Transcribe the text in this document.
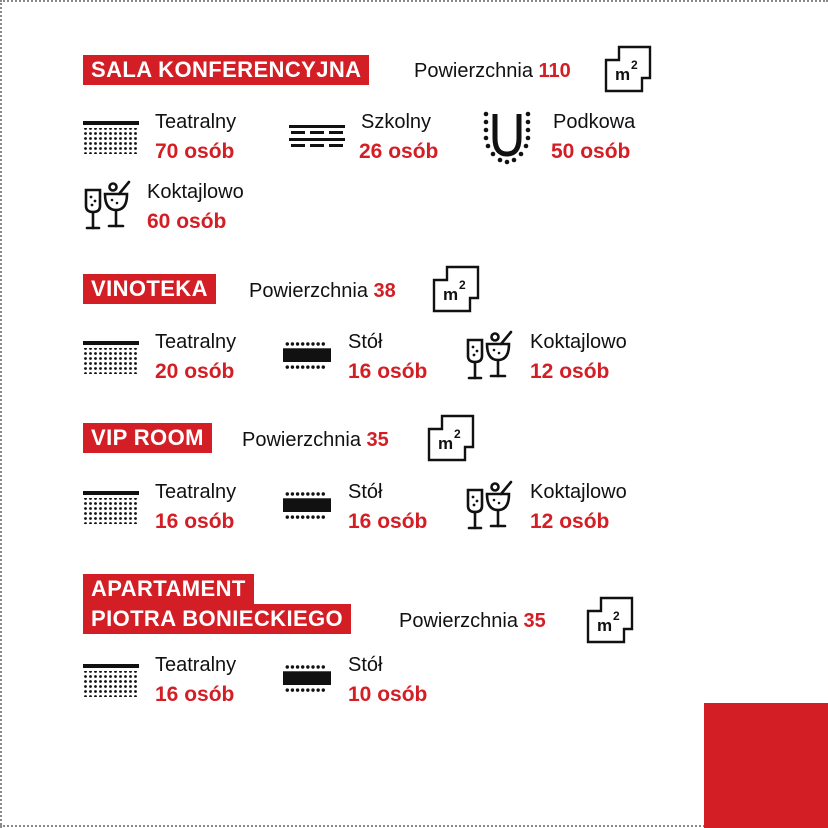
SALA KONFERENCYJNA	Powierzchnia 110
Teatralny
70 osób
Szkolny
26 osób
Podkowa
50 osób
Koktajlowo
60 osób
VINOTEKA	Powierzchnia 38
Teatralny
20 osób
Stół
16 osób
Koktajlowo
12 osób
VIP ROOM	Powierzchnia 35
Teatralny
16 osób
Stół
16 osób
Koktajlowo
12 osób
APARTAMENT
PIOTRA BONIECKIEGO	Powierzchnia 35
Teatralny
16 osób
Stół
10 osób
